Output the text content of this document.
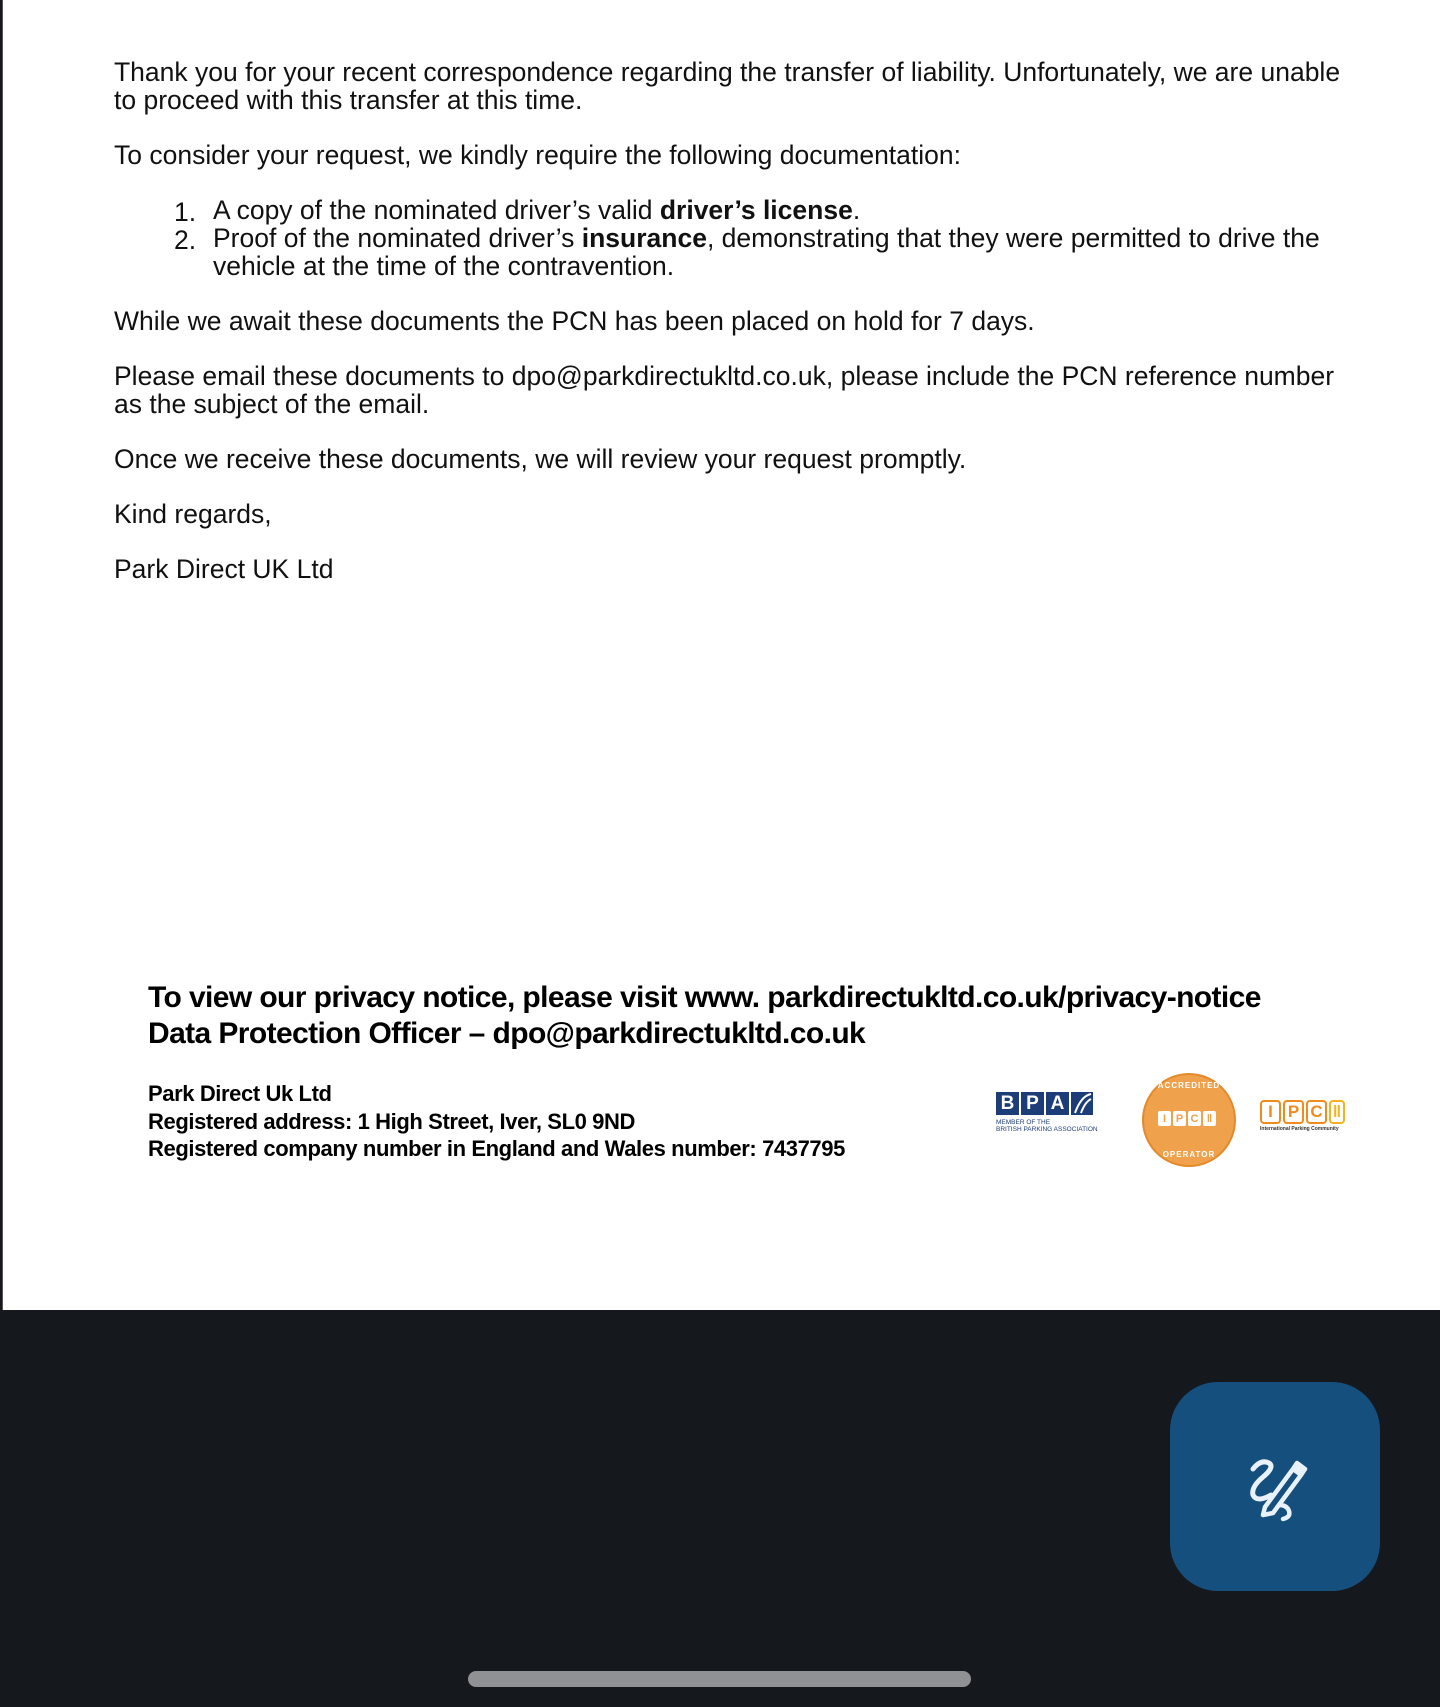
Thank you for your recent correspondence regarding the transfer of liability. Unfortunately, we are unable to proceed with this transfer at this time.

To consider your request, we kindly require the following documentation:

1. A copy of the nominated driver’s valid driver’s license.
2. Proof of the nominated driver’s insurance, demonstrating that they were permitted to drive the vehicle at the time of the contravention.

While we await these documents the PCN has been placed on hold for 7 days.

Please email these documents to dpo@parkdirectukltd.co.uk, please include the PCN reference number as the subject of the email.

Once we receive these documents, we will review your request promptly.

Kind regards,

Park Direct UK Ltd

To view our privacy notice, please visit www. parkdirectukltd.co.uk/privacy-notice
Data Protection Officer – dpo@parkdirectukltd.co.uk
Park Direct Uk Ltd
Registered address: 1 High Street, Iver, SL0 9ND
Registered company number in England and Wales number: 7437795
B P A
MEMBER OF THE
BRITISH PARKING ASSOCIATION
ACCREDITED
I P C ‖
OPERATOR
I P C ‖
International Parking Community
